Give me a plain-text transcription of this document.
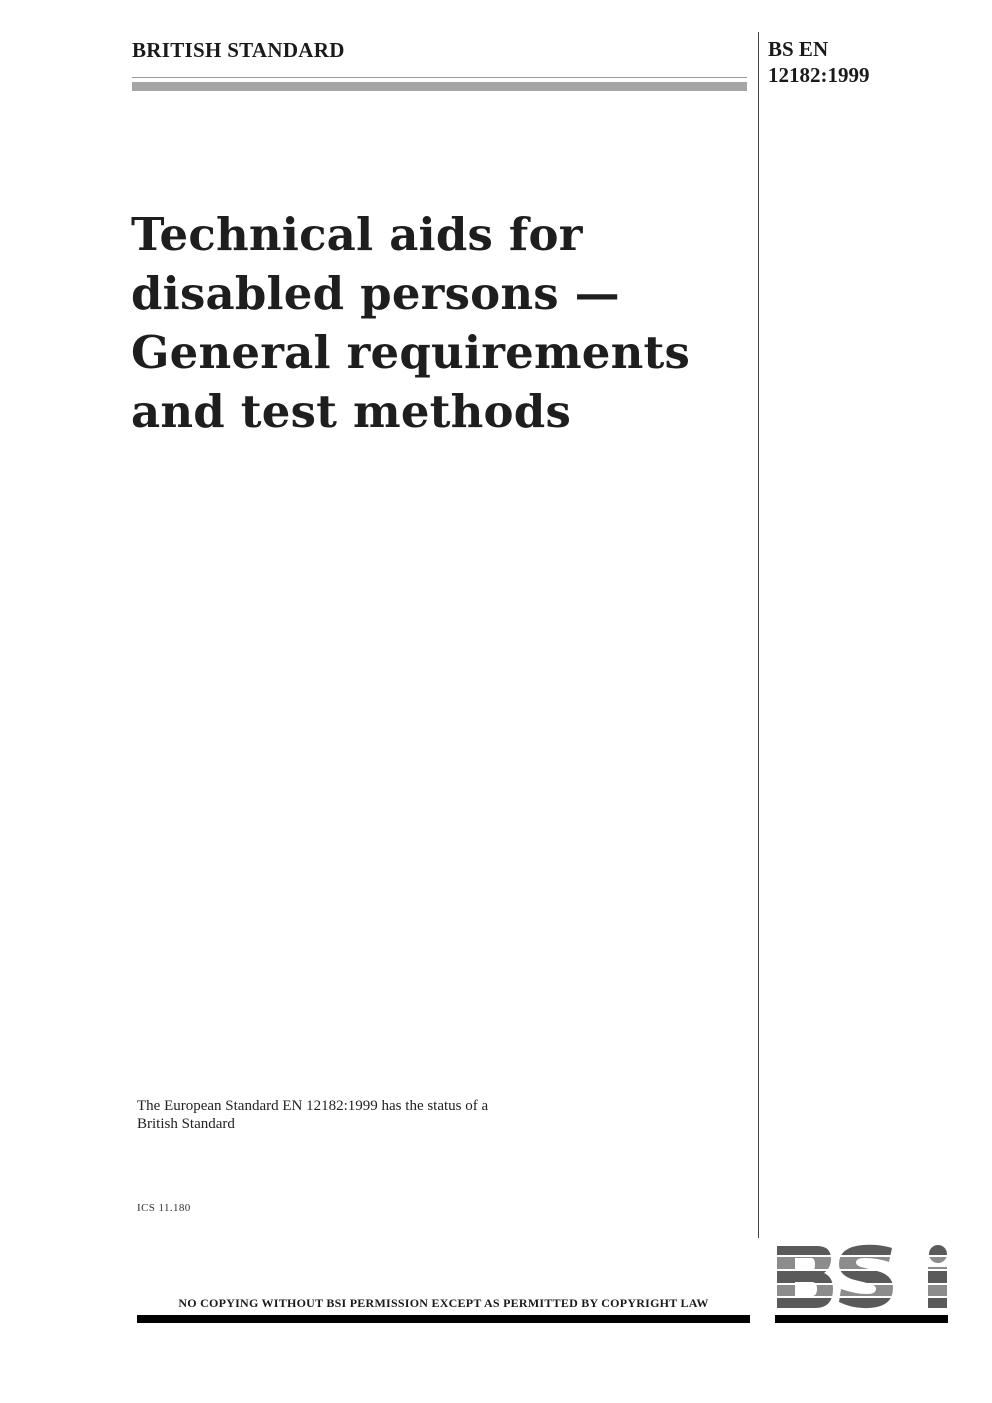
BRITISH STANDARD	BS EN
12182:1999
Technical aids for
disabled persons —
General requirements
and test methods
The European Standard EN 12182:1999 has the status of a
British Standard
ICS 11.180
NO COPYING WITHOUT BSI PERMISSION EXCEPT AS PERMITTED BY COPYRIGHT LAW
